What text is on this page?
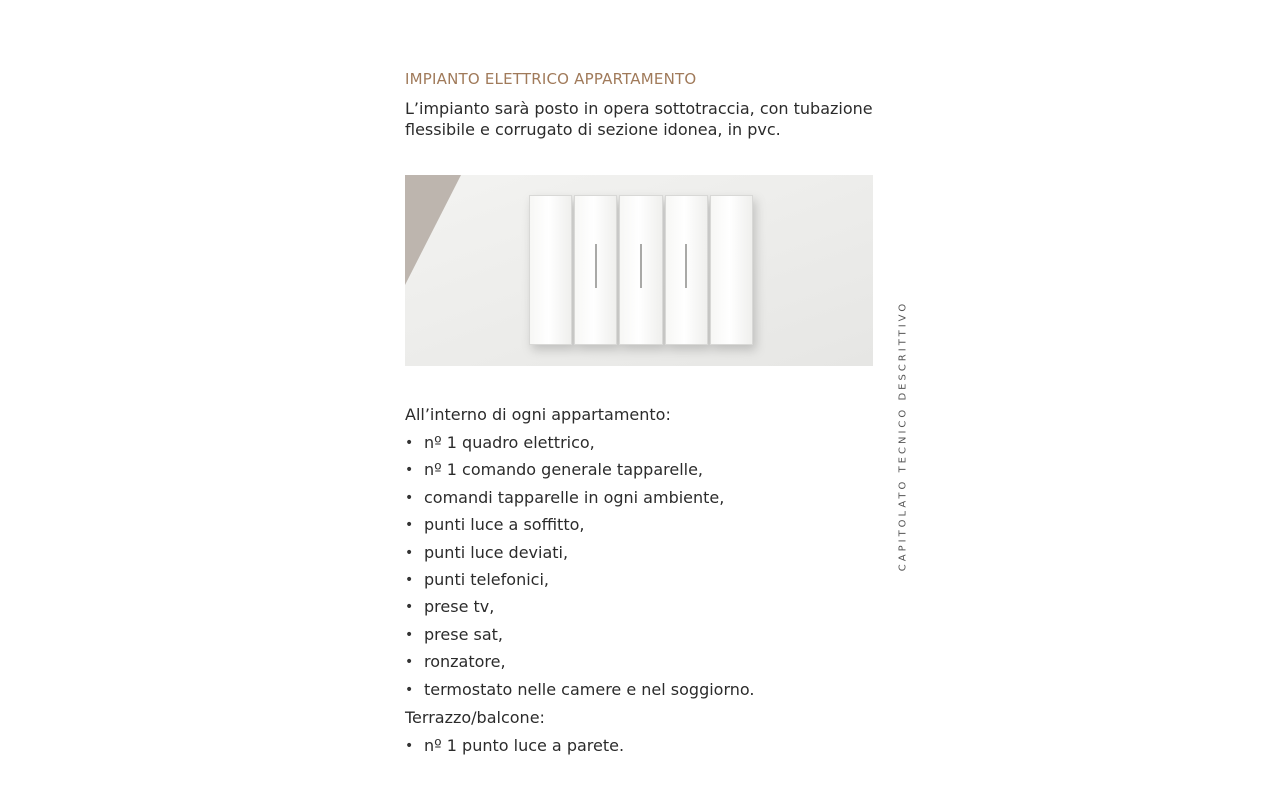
IMPIANTO ELETTRICO APPARTAMENTO
L’impianto sarà posto in opera sottotraccia, con tubazione
flessibile e corrugato di sezione idonea, in pvc.
All’interno di ogni appartamento:
• nº 1 quadro elettrico,
• nº 1 comando generale tapparelle,
• comandi tapparelle in ogni ambiente,
• punti luce a soffitto,
• punti luce deviati,
• punti telefonici,
• prese tv,
• prese sat,
• ronzatore,
• termostato nelle camere e nel soggiorno.
Terrazzo/balcone:
• nº 1 punto luce a parete.
CAPITOLATO TECNICO DESCRITTIVO
